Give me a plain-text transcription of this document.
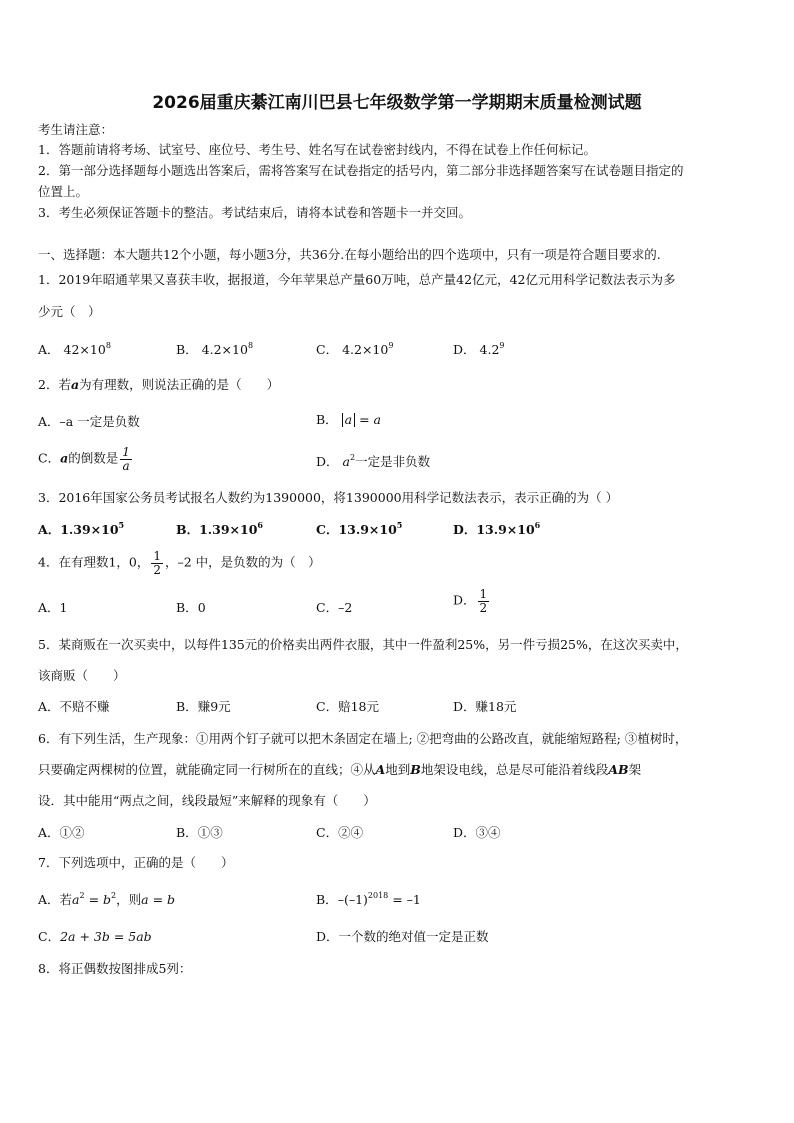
2026届重庆綦江南川巴县七年级数学第一学期期末质量检测试题
考生请注意：
1．答题前请将考场、试室号、座位号、考生号、姓名写在试卷密封线内，不得在试卷上作任何标记。
2．第一部分选择题每小题选出答案后，需将答案写在试卷指定的括号内，第二部分非选择题答案写在试卷题目指定的
位置上。
3．考生必须保证答题卡的整洁。考试结束后，请将本试卷和答题卡一并交回。
一、选择题：本大题共12个小题，每小题3分，共36分.在每小题给出的四个选项中，只有一项是符合题目要求的.
1．2019年昭通苹果又喜获丰收，据报道，今年苹果总产量60万吨，总产量42亿元，42亿元用科学记数法表示为多
少元（　）
A． $42\times 10^8$	B． $4.2\times 10^8$	C． $4.2\times 10^9$	D． $4.2^9$
2．若a为有理数，则说法正确的是（　　）
A．–a 一定是负数	B． a = a
C．a的倒数是 $\frac{1}{a}$	D． $a^2$一定是非负数
3．2016年国家公务员考试报名人数约为1390000，将1390000用科学记数法表示，表示正确的为（ ）
A．$1.39\times 10^5$	B．$1.39\times 10^6$	C．$13.9\times 10^5$	D．$13.9\times 10^6$
4．在有理数1，0， $\frac{1}{2}$ ，–2 中，是负数的为（　）
A．1	B．0	C．–2	D． $\frac{1}{2}$
5．某商贩在一次买卖中，以每件135元的价格卖出两件衣服，其中一件盈利25%，另一件亏损25%，在这次买卖中，
该商贩（　　）
A．不赔不赚	B．赚9元	C．赔18元	D．赚18元
6．有下列生活，生产现象：①用两个钉子就可以把木条固定在墙上; ②把弯曲的公路改直，就能缩短路程; ③植树时，
只要确定两棵树的位置，就能确定同一行树所在的直线；④从A地到B地架设电线，总是尽可能沿着线段AB架
设．其中能用“两点之间，线段最短”来解释的现象有（　　）
A．①②	B．①③	C．②④	D．③④
7．下列选项中，正确的是（　　）
A．若$a^2 = b^2$，则a = b	B．$-(-1)^{2018} = -1$
C．2a + 3b = 5ab	D．一个数的绝对值一定是正数
8．将正偶数按图排成5列：
